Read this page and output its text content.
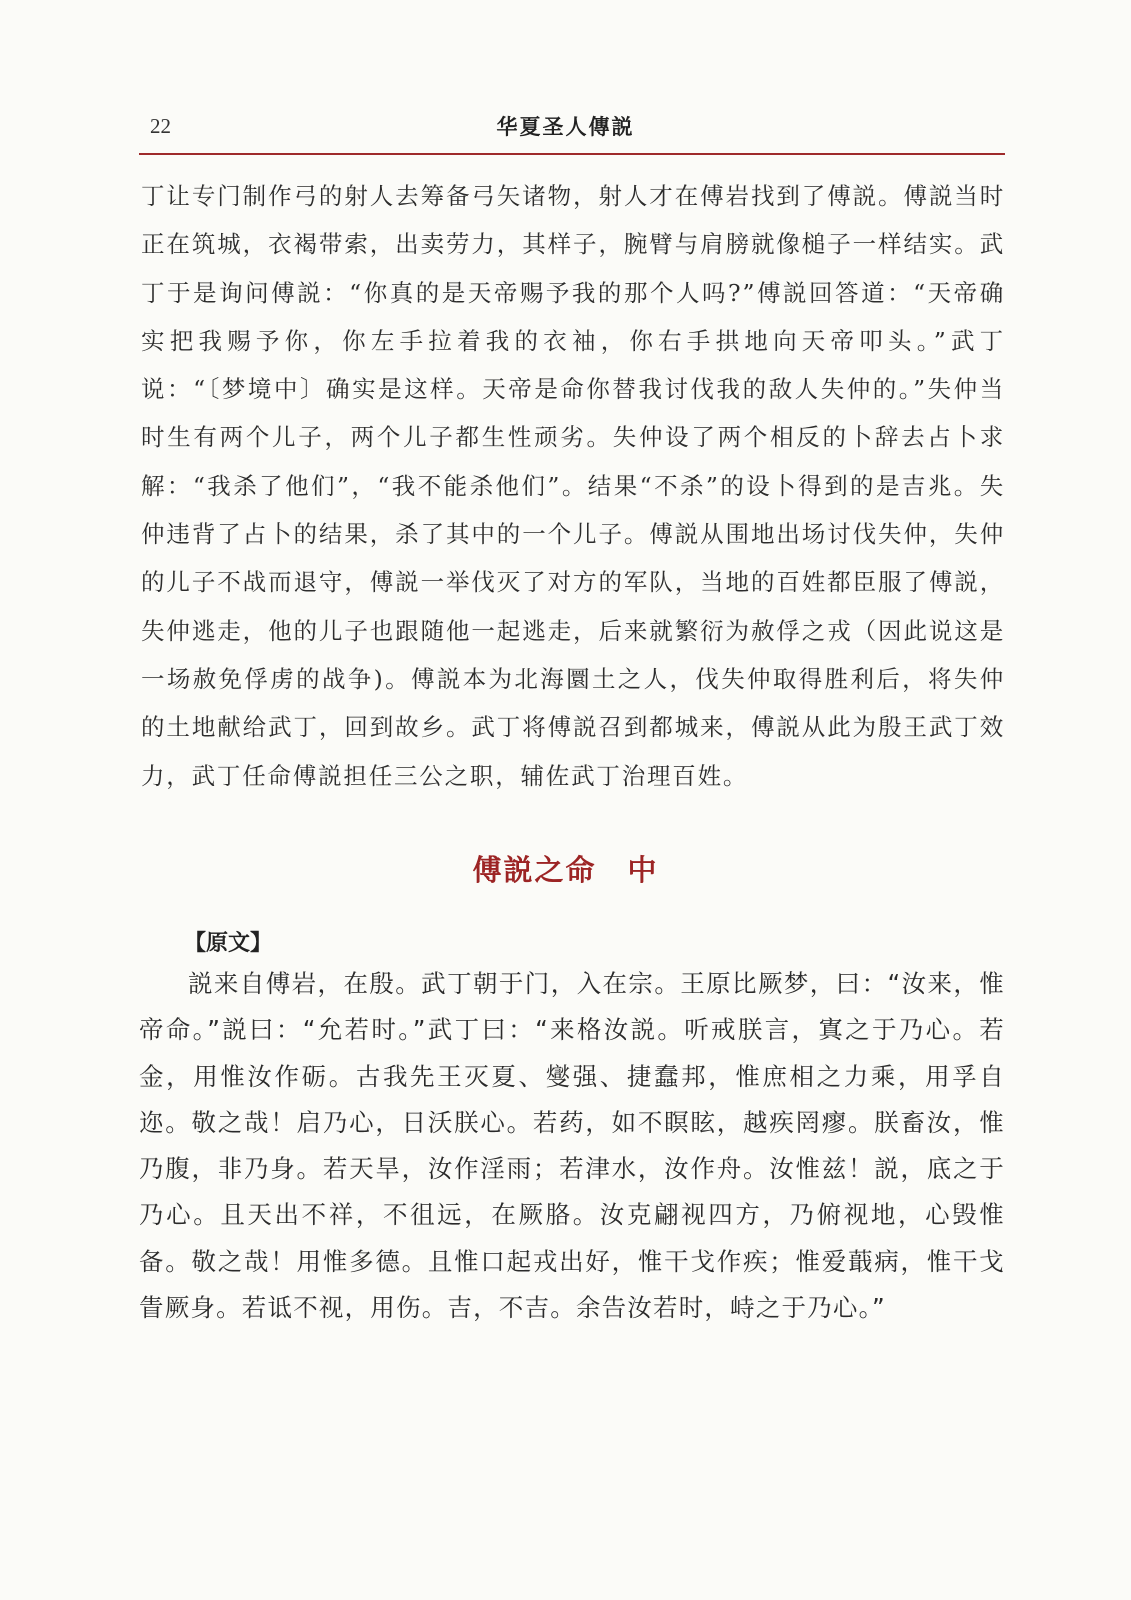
22	华夏圣人傳説

丁让专门制作弓的射人去筹备弓矢诸物，射人才在傅岩找到了傅説。傅説当时正在筑城，衣褐带索，出卖劳力，其样子，腕臂与肩膀就像槌子一样结实。武丁于是询问傅説：“你真的是天帝赐予我的那个人吗?”傅説回答道：“天帝确实把我赐予你，你左手拉着我的衣袖，你右手拱地向天帝叩头。”武丁说：“〔梦境中〕确实是这样。天帝是命你替我讨伐我的敌人失仲的。”失仲当时生有两个儿子，两个儿子都生性顽劣。失仲设了两个相反的卜辞去占卜求解：“我杀了他们”，“我不能杀他们”。结果“不杀”的设卜得到的是吉兆。失仲违背了占卜的结果，杀了其中的一个儿子。傅説从围地出场讨伐失仲，失仲的儿子不战而退守，傅説一举伐灭了对方的军队，当地的百姓都臣服了傅説，失仲逃走，他的儿子也跟随他一起逃走，后来就繁衍为赦俘之戎（因此说这是一场赦免俘虏的战争)。傅説本为北海圜土之人，伐失仲取得胜利后，将失仲的土地献给武丁，回到故乡。武丁将傅説召到都城来，傅説从此为殷王武丁效力，武丁任命傅説担任三公之职，辅佐武丁治理百姓。

傅説之命　中
【原文】

説来自傅岩，在殷。武丁朝于门，入在宗。王原比厥梦，曰：“汝来，惟帝命。”説曰：“允若时。”武丁曰：“来格汝説。听戒朕言，寘之于乃心。若金，用惟汝作砺。古我先王灭夏、燮强、捷蠢邦，惟庶相之力乘，用孚自迩。敬之哉！启乃心，日沃朕心。若药，如不瞑眩，越疾罔瘳。朕畜汝，惟乃腹，非乃身。若天旱，汝作淫雨；若津水，汝作舟。汝惟兹！説，底之于乃心。且天出不祥，不徂远，在厥胳。汝克翩视四方，乃俯视地，心毁惟备。敬之哉！用惟多德。且惟口起戎出好，惟干戈作疾；惟爱蕺病，惟干戈眚厥身。若诋不视，用伤。吉，不吉。余告汝若时，峙之于乃心。”
